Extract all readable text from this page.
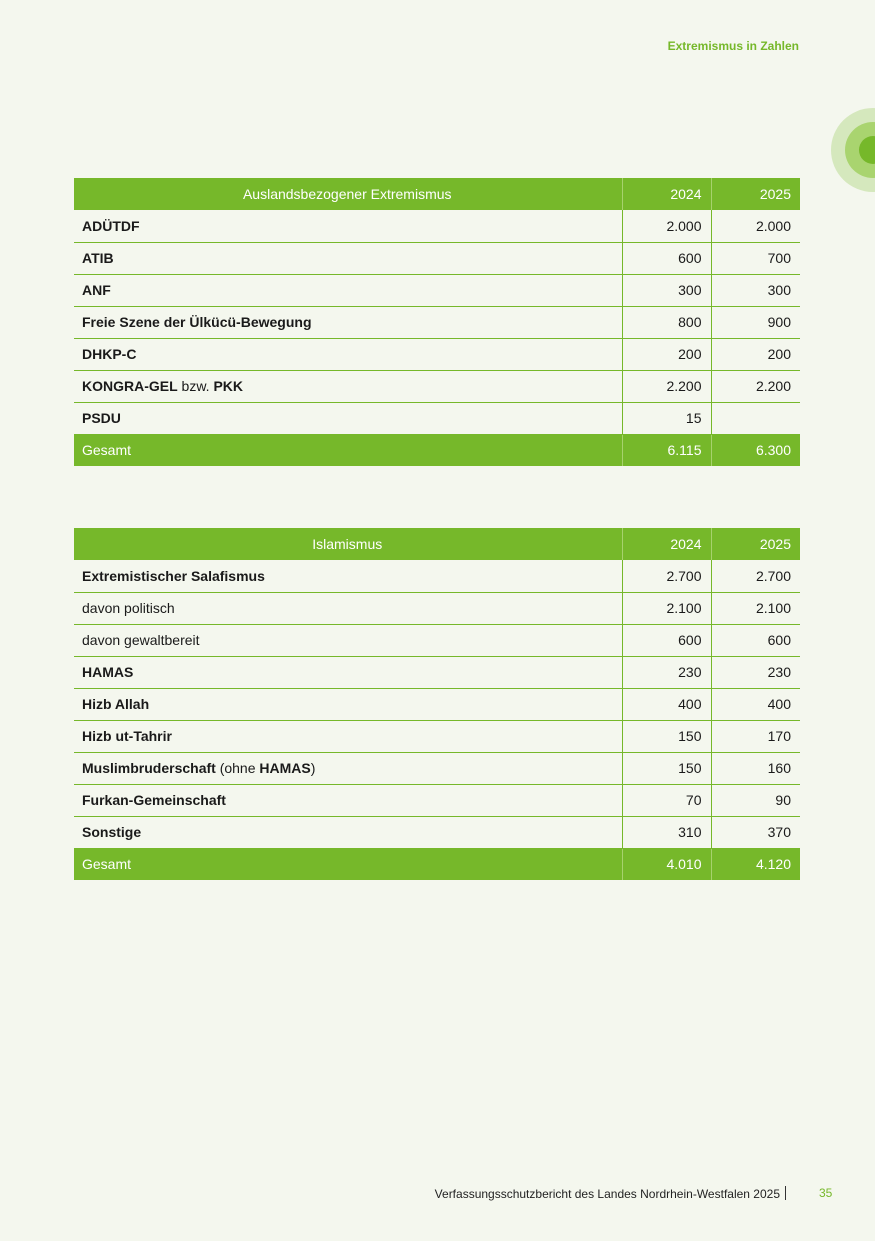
Extremismus in Zahlen
Auslandsbezogener Extremismus	2024	2025
ADÜTDF	2.000	2.000
ATIB	600	700
ANF	300	300
Freie Szene der Ülkücü-Bewegung	800	900
DHKP-C	200	200
KONGRA-GEL bzw. PKK	2.200	2.200
PSDU	15	
Gesamt	6.115	6.300
Islamismus	2024	2025
Extremistischer Salafismus	2.700	2.700
davon politisch	2.100	2.100
davon gewaltbereit	600	600
HAMAS	230	230
Hizb Allah	400	400
Hizb ut-Tahrir	150	170
Muslimbruderschaft (ohne HAMAS)	150	160
Furkan-Gemeinschaft	70	90
Sonstige	310	370
Gesamt	4.010	4.120
Verfassungsschutzbericht des Landes Nordrhein-Westfalen 2025	35
